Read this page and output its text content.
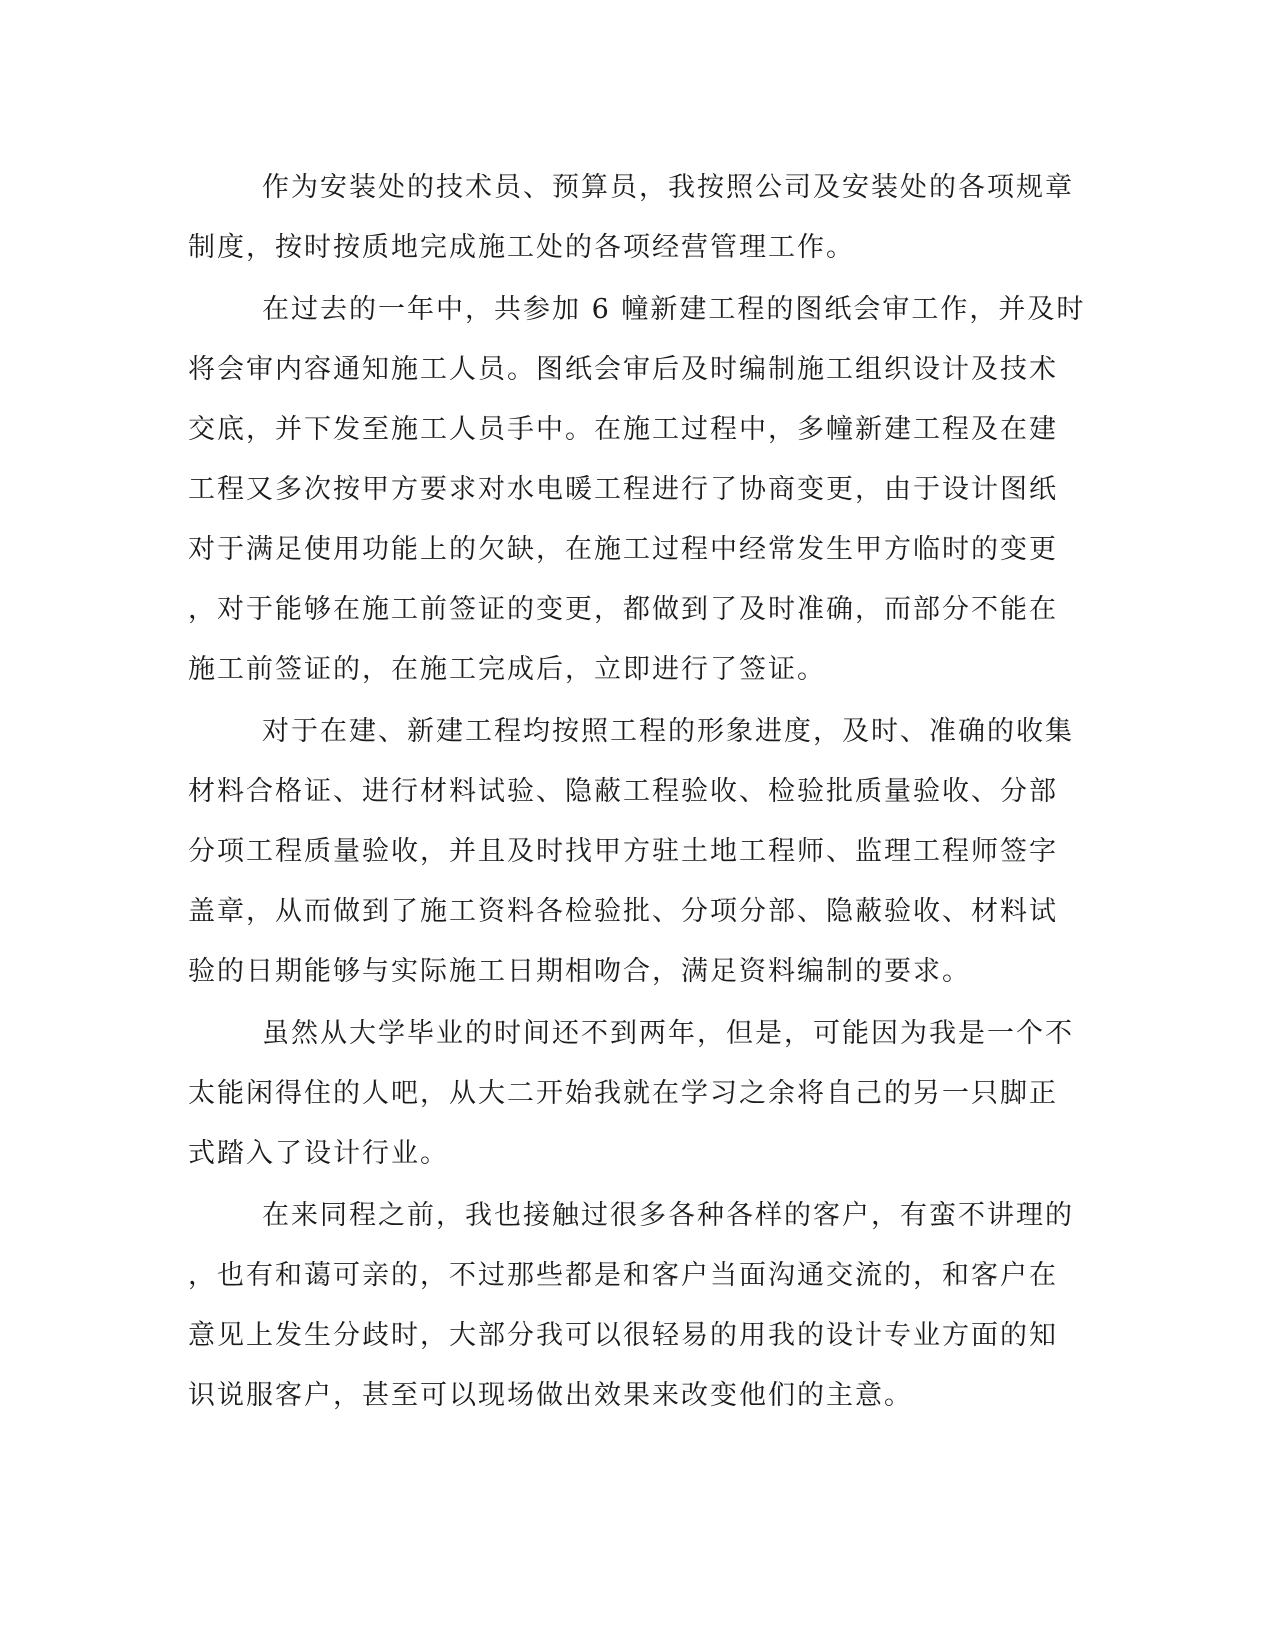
作为安装处的技术员、预算员，我按照公司及安装处的各项规章
制度，按时按质地完成施工处的各项经营管理工作。

在过去的一年中，共参加 6 幢新建工程的图纸会审工作，并及时
将会审内容通知施工人员。图纸会审后及时编制施工组织设计及技术
交底，并下发至施工人员手中。在施工过程中，多幢新建工程及在建
工程又多次按甲方要求对水电暖工程进行了协商变更，由于设计图纸
对于满足使用功能上的欠缺，在施工过程中经常发生甲方临时的变更
，对于能够在施工前签证的变更，都做到了及时准确，而部分不能在
施工前签证的，在施工完成后，立即进行了签证。

对于在建、新建工程均按照工程的形象进度，及时、准确的收集
材料合格证、进行材料试验、隐蔽工程验收、检验批质量验收、分部
分项工程质量验收，并且及时找甲方驻土地工程师、监理工程师签字
盖章，从而做到了施工资料各检验批、分项分部、隐蔽验收、材料试
验的日期能够与实际施工日期相吻合，满足资料编制的要求。

虽然从大学毕业的时间还不到两年，但是，可能因为我是一个不
太能闲得住的人吧，从大二开始我就在学习之余将自己的另一只脚正
式踏入了设计行业。

在来同程之前，我也接触过很多各种各样的客户，有蛮不讲理的
，也有和蔼可亲的，不过那些都是和客户当面沟通交流的，和客户在
意见上发生分歧时，大部分我可以很轻易的用我的设计专业方面的知
识说服客户，甚至可以现场做出效果来改变他们的主意。
